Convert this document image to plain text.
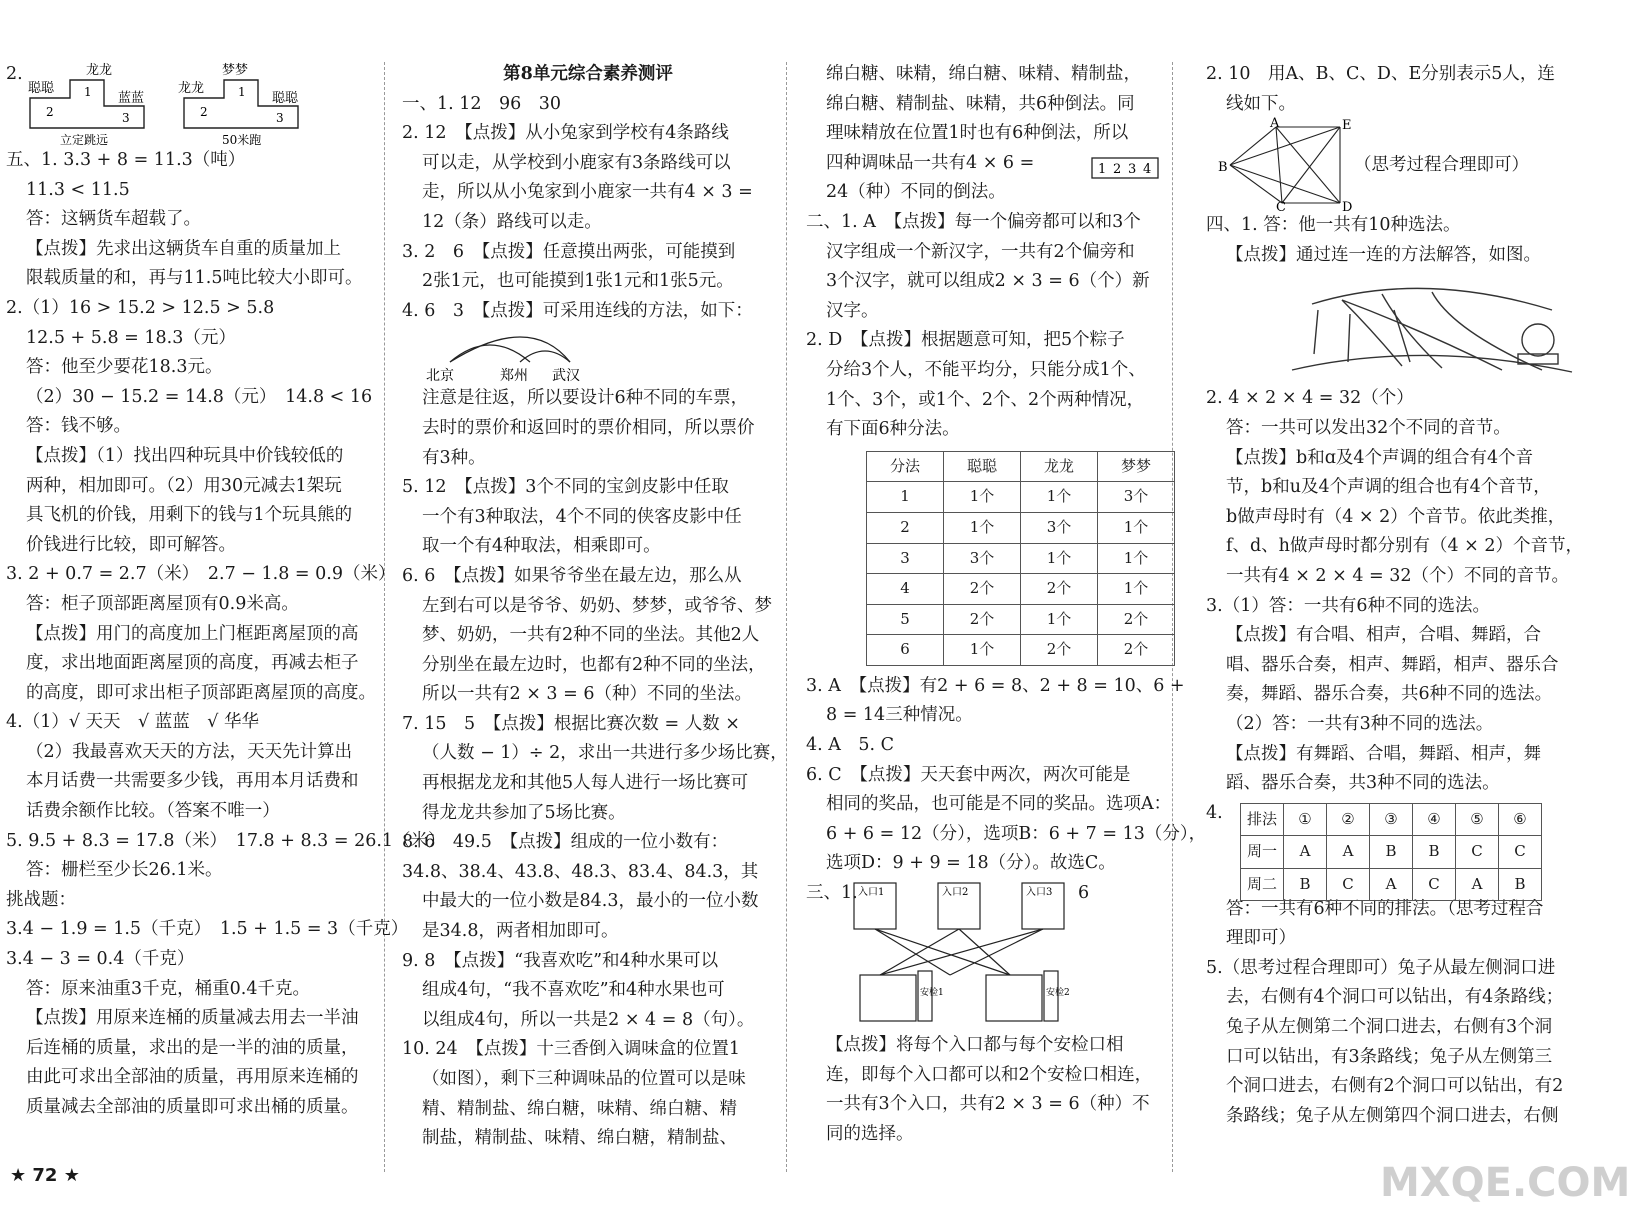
2.	龙龙
聪聪
蓝蓝
1
2	3
立定跳远
梦梦
龙龙
聪聪
1
2	3
50米跑
五、1. 3.3 + 8 = 11.3（吨）
11.3 < 11.5
答：这辆货车超载了。
【点拨】先求出这辆货车自重的质量加上
限载质量的和，再与11.5吨比较大小即可。
2.（1）16 > 15.2 > 12.5 > 5.8
12.5 + 5.8 = 18.3（元）
答：他至少要花18.3元。
（2）30 − 15.2 = 14.8（元）　14.8 < 16
答：钱不够。
【点拨】（1）找出四种玩具中价钱较低的
两种，相加即可。（2）用30元减去1架玩
具飞机的价钱，用剩下的钱与1个玩具熊的
价钱进行比较，即可解答。
3. 2 + 0.7 = 2.7（米）　2.7 − 1.8 = 0.9（米）
答：柜子顶部距离屋顶有0.9米高。
【点拨】用门的高度加上门框距离屋顶的高
度，求出地面距离屋顶的高度，再减去柜子
的高度，即可求出柜子顶部距离屋顶的高度。
4.（1）√ 天天　√ 蓝蓝　√ 华华
（2）我最喜欢天天的方法，天天先计算出
本月话费一共需要多少钱，再用本月话费和
话费余额作比较。（答案不唯一）
5. 9.5 + 8.3 = 17.8（米）　17.8 + 8.3 = 26.1（米）
答：栅栏至少长26.1米。
挑战题：
3.4 − 1.9 = 1.5（千克）　1.5 + 1.5 = 3（千克）
3.4 − 3 = 0.4（千克）
答：原来油重3千克，桶重0.4千克。
【点拨】用原来连桶的质量减去用去一半油
后连桶的质量，求出的是一半的油的质量，
由此可求出全部油的质量，再用原来连桶的
质量减去全部油的质量即可求出桶的质量。
第8单元综合素养测评
一、1. 12　96　30
2. 12　【点拨】从小兔家到学校有4条路线
可以走，从学校到小鹿家有3条路线可以
走，所以从小兔家到小鹿家一共有4 × 3 =
12（条）路线可以走。
3. 2　6　【点拨】任意摸出两张，可能摸到
2张1元，也可能摸到1张1元和1张5元。
4. 6　3　【点拨】可采用连线的方法，如下：
北京	郑州 武汉
注意是往返，所以要设计6种不同的车票，
去时的票价和返回时的票价相同，所以票价
有3种。
5. 12　【点拨】3个不同的宝剑皮影中任取
一个有3种取法，4个不同的侠客皮影中任
取一个有4种取法，相乘即可。
6. 6　【点拨】如果爷爷坐在最左边，那么从
左到右可以是爷爷、奶奶、梦梦，或爷爷、梦
梦、奶奶，一共有2种不同的坐法。其他2人
分别坐在最左边时，也都有2种不同的坐法，
所以一共有2 × 3 = 6（种）不同的坐法。
7. 15　5　【点拨】根据比赛次数 = 人数 ×
（人数 − 1）÷ 2，求出一共进行多少场比赛，
再根据龙龙和其他5人每人进行一场比赛可
得龙龙共参加了5场比赛。
8. 6　49.5　【点拨】组成的一位小数有：
34.8、38.4、43.8、48.3、83.4、84.3，其
中最大的一位小数是84.3，最小的一位小数
是34.8，两者相加即可。
9. 8　【点拨】“我喜欢吃”和4种水果可以
组成4句，“我不喜欢吃”和4种水果也可
以组成4句，所以一共是2 × 4 = 8（句）。
10. 24　【点拨】十三香倒入调味盒的位置1
（如图），剩下三种调味品的位置可以是味
精、精制盐、绵白糖，味精、绵白糖、精
制盐，精制盐、味精、绵白糖，精制盐、
绵白糖、味精，绵白糖、味精、精制盐，
绵白糖、精制盐、味精，共6种倒法。同
理味精放在位置1时也有6种倒法，所以
四种调味品一共有4 × 6 =
24（种）不同的倒法。
二、1. A　【点拨】每一个偏旁都可以和3个
汉字组成一个新汉字，一共有2个偏旁和
3个汉字，就可以组成2 × 3 = 6（个）新
汉字。
2. D　【点拨】根据题意可知，把5个粽子
分给3个人，不能平均分，只能分成1个、
1个、3个，或1个、2个、2个两种情况，
有下面6种分法。
1 2 3 4
分法	聪聪	龙龙	梦梦
1	1个	1个	3个
2	1个	3个	1个
3	3个	1个	1个
4	2个	2个	1个
5	2个	1个	2个
6	1个	2个	2个
3. A　【点拨】有2 + 6 = 8、2 + 8 = 10、6 +
8 = 14三种情况。
4. A　5. C
6. C　【点拨】天天套中两次，两次可能是
相同的奖品，也可能是不同的奖品。选项A：
6 + 6 = 12（分），选项B：6 + 7 = 13（分），
选项D：9 + 9 = 18（分）。故选C。
三、1.	6
入口1	入口2	入口3
安检1	安检2
【点拨】将每个入口都与每个安检口相
连，即每个入口都可以和2个安检口相连，
一共有3个入口，共有2 × 3 = 6（种）不
同的选择。
2. 10　用A、B、C、D、E分别表示5人，连
线如下。
A	E
B
C	D
（思考过程合理即可）
四、1. 答：他一共有10种选法。
【点拨】通过连一连的方法解答，如图。
2. 4 × 2 × 4 = 32（个）
答：一共可以发出32个不同的音节。
【点拨】b和ɑ及4个声调的组合有4个音
节，b和u及4个声调的组合也有4个音节，
b做声母时有（4 × 2）个音节。依此类推，
f、d、h做声母时都分别有（4 × 2）个音节，
一共有4 × 2 × 4 = 32（个）不同的音节。
3.（1）答：一共有6种不同的选法。
【点拨】有合唱、相声，合唱、舞蹈，合
唱、器乐合奏，相声、舞蹈，相声、器乐合
奏，舞蹈、器乐合奏，共6种不同的选法。
（2）答：一共有3种不同的选法。
【点拨】有舞蹈、合唱，舞蹈、相声，舞
蹈、器乐合奏，共3种不同的选法。
4. 排法	①	②	③	④	⑤	⑥
周一	A	A	B	B	C	C
周二	B	C	A	C	A	B
答：一共有6种不同的排法。（思考过程合
理即可）
5.（思考过程合理即可）兔子从最左侧洞口进
去，右侧有4个洞口可以钻出，有4条路线；
兔子从左侧第二个洞口进去，右侧有3个洞
口可以钻出，有3条路线；兔子从左侧第三
个洞口进去，右侧有2个洞口可以钻出，有2
条路线；兔子从左侧第四个洞口进去，右侧
★ 72 ★	MXQE.COM
